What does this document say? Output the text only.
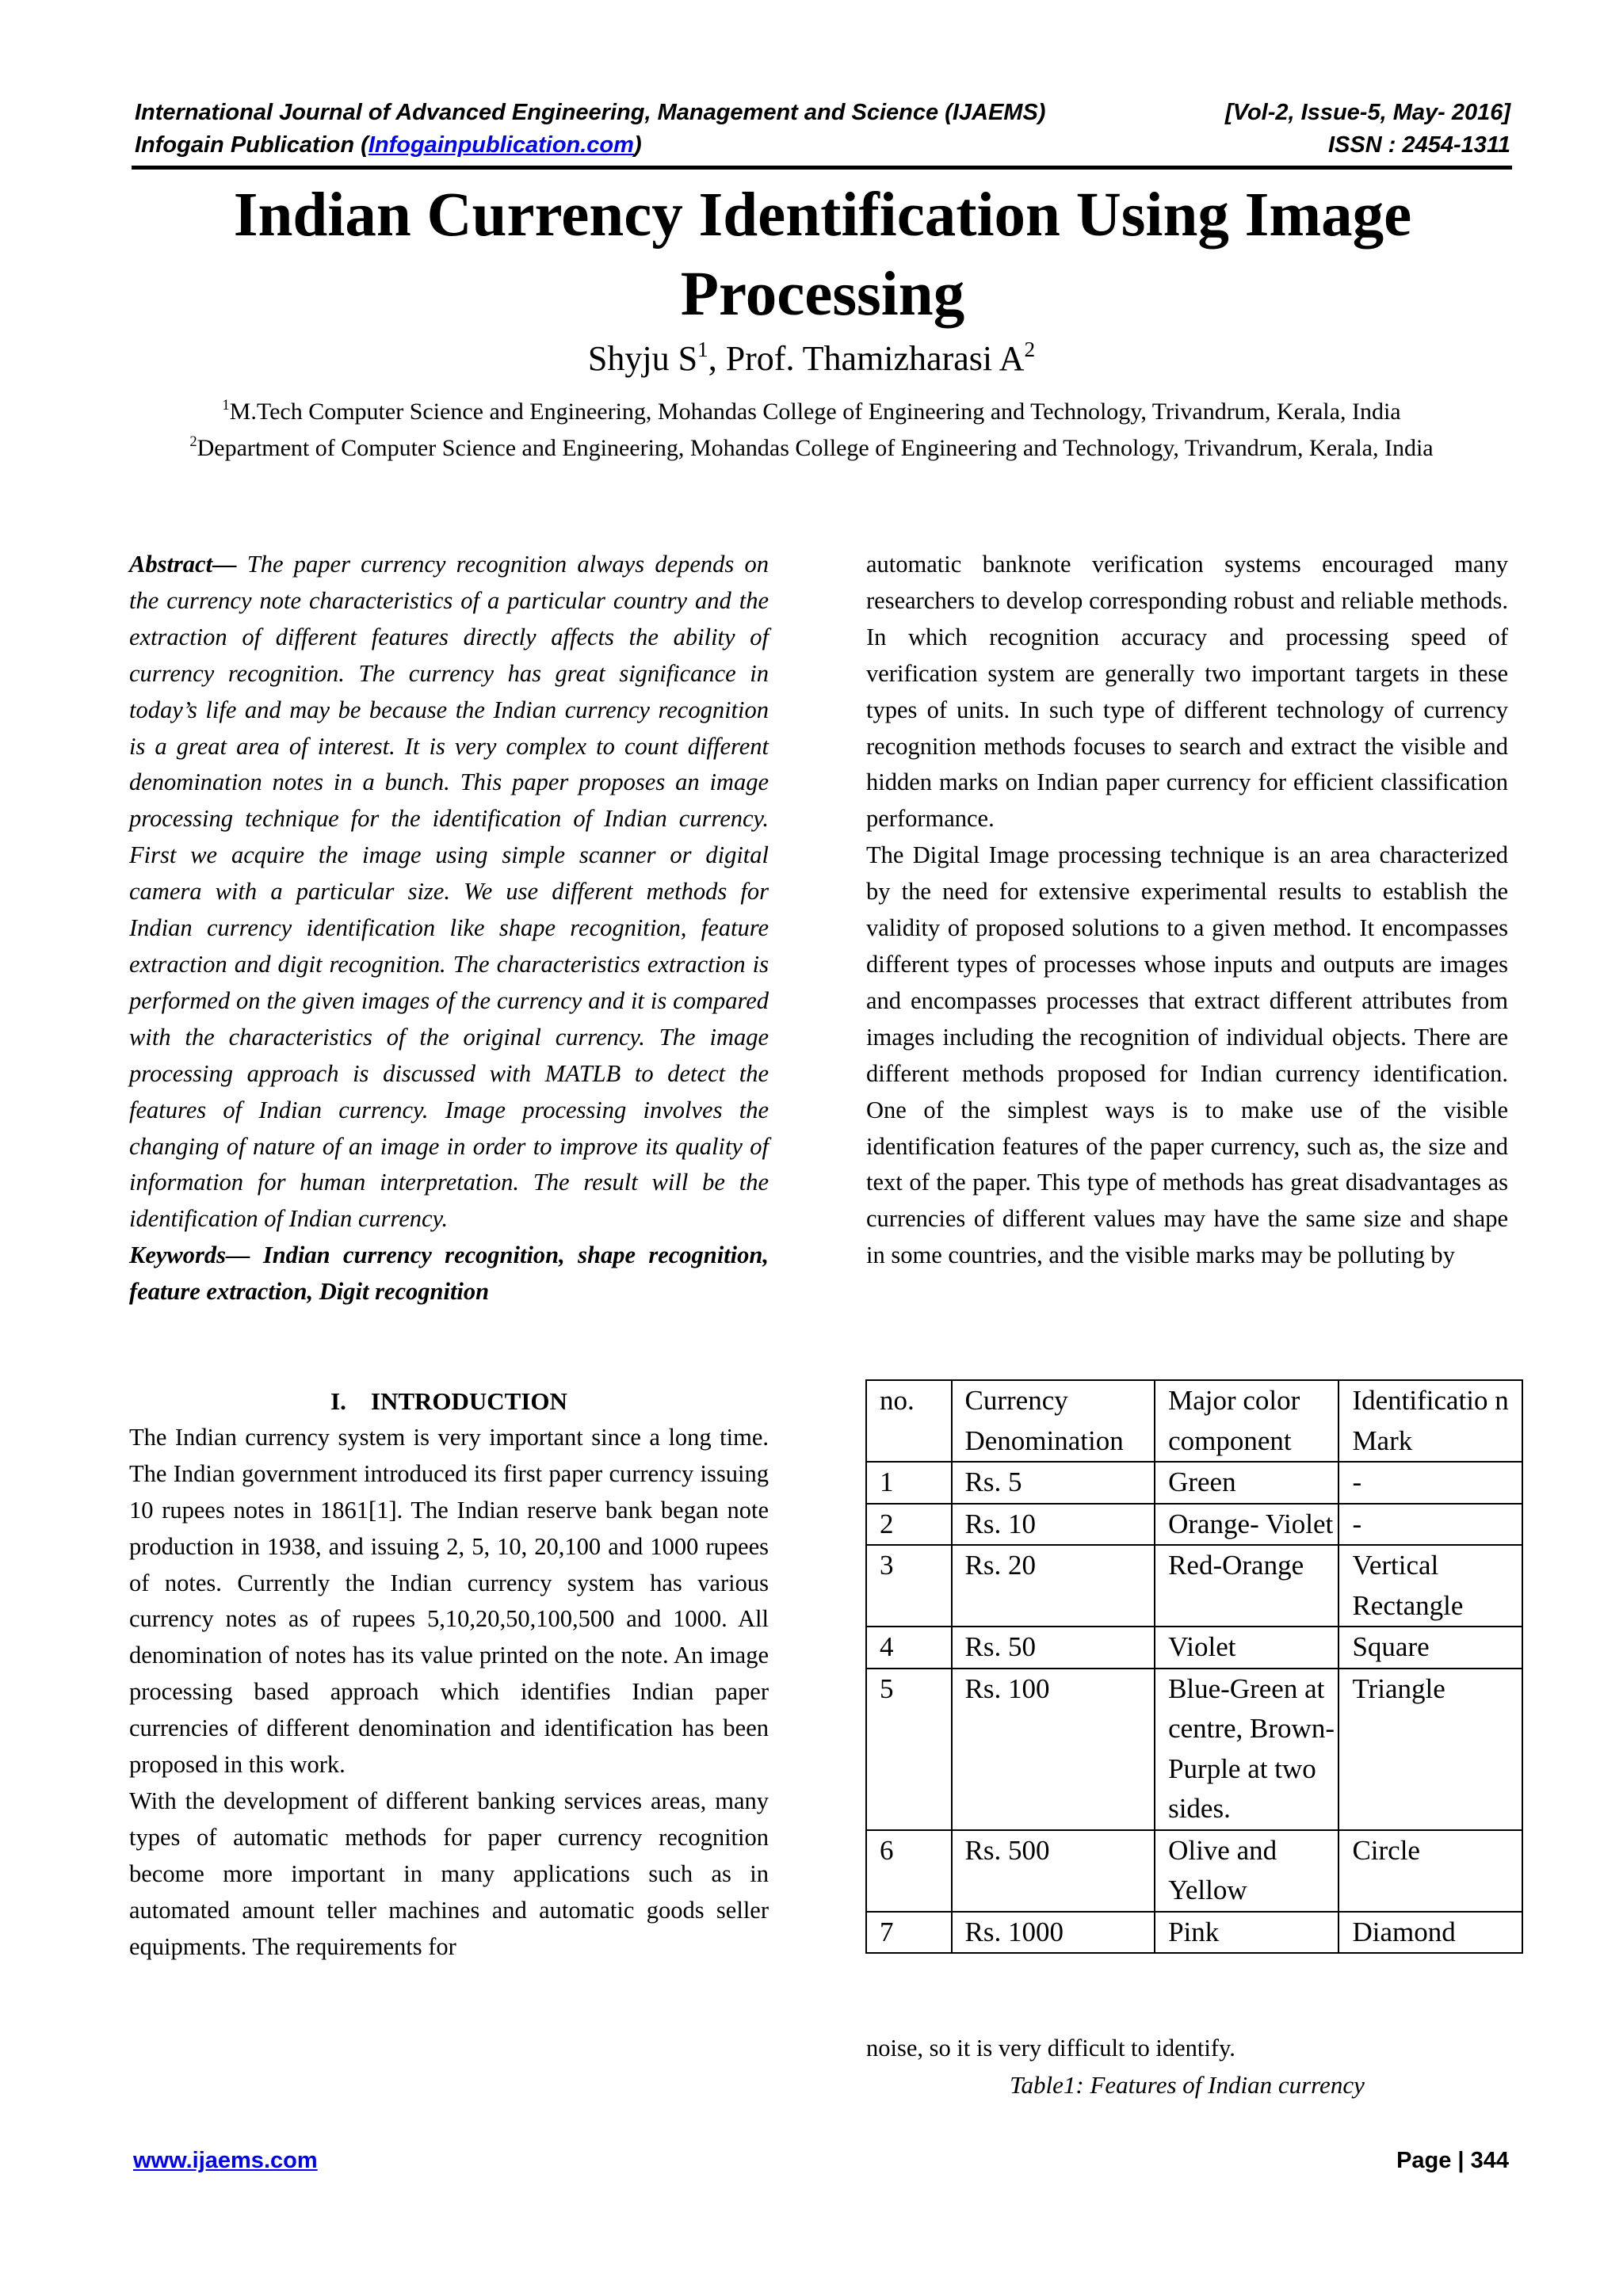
International Journal of Advanced Engineering, Management and Science (IJAEMS)	[Vol-2, Issue-5, May- 2016]
Infogain Publication (Infogainpublication.com)	ISSN : 2454-1311
Indian Currency Identification Using Image Processing
Shyju $S^1$, Prof. Thamizharasi $A^2$
$^1$M.Tech Computer Science and Engineering, Mohandas College of Engineering and Technology, Trivandrum, Kerala, India
$^2$Department of Computer Science and Engineering, Mohandas College of Engineering and Technology, Trivandrum, Kerala, India

Abstract— The paper currency recognition always depends on the currency note characteristics of a particular country and the extraction of different features directly affects the ability of currency recognition. The currency has great significance in today’s life and may be because the Indian currency recognition is a great area of interest. It is very complex to count different denomination notes in a bunch. This paper proposes an image processing technique for the identification of Indian currency. First we acquire the image using simple scanner or digital camera with a particular size. We use different methods for Indian currency identification like shape recognition, feature extraction and digit recognition. The characteristics extraction is performed on the given images of the currency and it is compared with the characteristics of the original currency. The image processing approach is discussed with MATLB to detect the features of Indian currency. Image processing involves the changing of nature of an image in order to improve its quality of information for human interpretation. The result will be the identification of Indian currency.

Keywords— Indian currency recognition, shape recognition, feature extraction, Digit recognition

I.    INTRODUCTION

The Indian currency system is very important since a long time. The Indian government introduced its first paper currency issuing 10 rupees notes in 1861[1]. The Indian reserve bank began note production in 1938, and issuing 2, 5, 10, 20,100 and 1000 rupees of notes. Currently the Indian currency system has various currency notes as of rupees 5,10,20,50,100,500 and 1000. All denomination of notes has its value printed on the note. An image processing based approach which identifies Indian paper currencies of different denomination and identification has been proposed in this work.

With the development of different banking services areas, many types of automatic methods for paper currency recognition become more important in many applications such as in automated amount teller machines and automatic goods seller equipments. The requirements for

automatic banknote verification systems encouraged many researchers to develop corresponding robust and reliable methods. In which recognition accuracy and processing speed of verification system are generally two important targets in these types of units. In such type of different technology of currency recognition methods focuses to search and extract the visible and hidden marks on Indian paper currency for efficient classification performance.

The Digital Image processing technique is an area characterized by the need for extensive experimental results to establish the validity of proposed solutions to a given method. It encompasses different types of processes whose inputs and outputs are images and encompasses processes that extract different attributes from images including the recognition of individual objects. There are different methods proposed for Indian currency identification. One of the simplest ways is to make use of the visible identification features of the paper currency, such as, the size and text of the paper. This type of methods has great disadvantages as currencies of different values may have the same size and shape in some countries, and the visible marks may be polluting by

no.	Currency Denomination	Major color component	Identificatio n Mark
1	Rs. 5	Green	-
2	Rs. 10	Orange- Violet	-
3	Rs. 20	Red-Orange	Vertical Rectangle
4	Rs. 50	Violet	Square
5	Rs. 100	Blue-Green at centre, Brown- Purple at two sides.	Triangle
6	Rs. 500	Olive and Yellow	Circle
7	Rs. 1000	Pink	Diamond
noise, so it is very difficult to identify.
Table1: Features of Indian currency
www.ijaems.com	Page | 344
